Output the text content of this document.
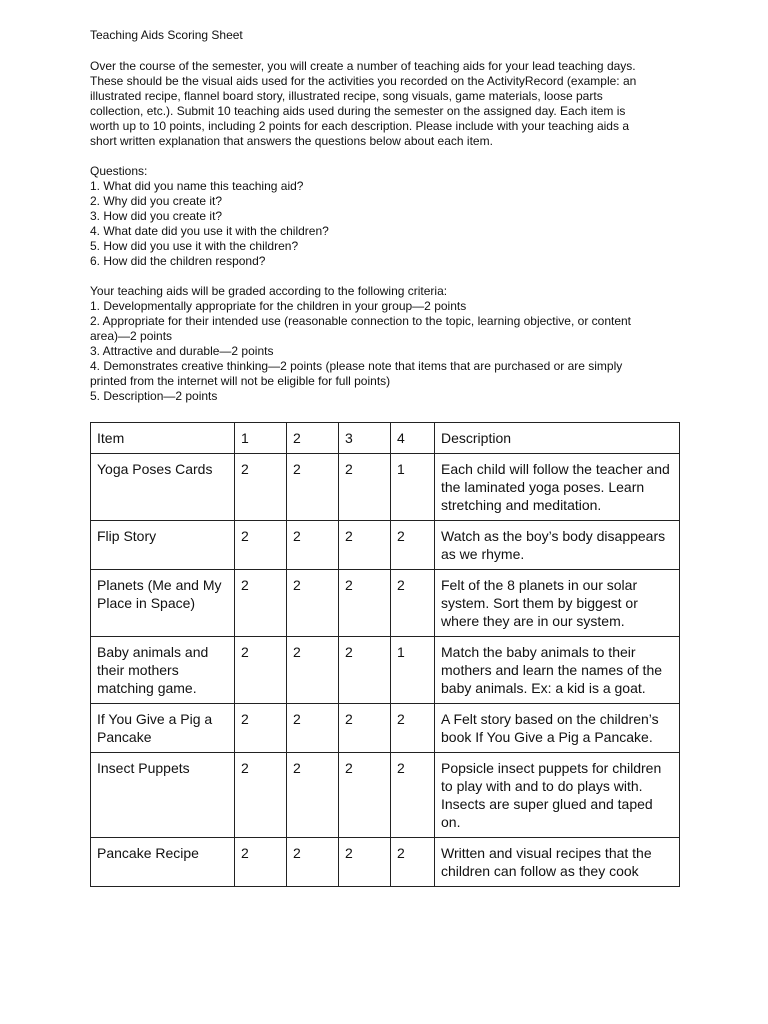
Teaching Aids Scoring Sheet
Over the course of the semester, you will create a number of teaching aids for your lead teaching days.
These should be the visual aids used for the activities you recorded on the ActivityRecord (example: an
illustrated recipe, flannel board story, illustrated recipe, song visuals, game materials, loose parts
collection, etc.). Submit 10 teaching aids used during the semester on the assigned day. Each item is
worth up to 10 points, including 2 points for each description. Please include with your teaching aids a
short written explanation that answers the questions below about each item.
Questions:
1. What did you name this teaching aid?
2. Why did you create it?
3. How did you create it?
4. What date did you use it with the children?
5. How did you use it with the children?
6. How did the children respond?
Your teaching aids will be graded according to the following criteria:
1. Developmentally appropriate for the children in your group—2 points
2. Appropriate for their intended use (reasonable connection to the topic, learning objective, or content
area)—2 points
3. Attractive and durable—2 points
4. Demonstrates creative thinking—2 points (please note that items that are purchased or are simply
printed from the internet will not be eligible for full points)
5. Description—2 points
Item	1	2	3	4	Description
Yoga Poses Cards	2	2	2	1	Each child will follow the teacher and the laminated yoga poses. Learn stretching and meditation.
Flip Story	2	2	2	2	Watch as the boy’s body disappears as we rhyme.
Planets (Me and My Place in Space)	2	2	2	2	Felt of the 8 planets in our solar system. Sort them by biggest or where they are in our system.
Baby animals and their mothers matching game.	2	2	2	1	Match the baby animals to their mothers and learn the names of the baby animals. Ex: a kid is a goat.
If You Give a Pig a Pancake	2	2	2	2	A Felt story based on the children’s book If You Give a Pig a Pancake.
Insect Puppets	2	2	2	2	Popsicle insect puppets for children to play with and to do plays with. Insects are super glued and taped on.
Pancake Recipe	2	2	2	2	Written and visual recipes that the children can follow as they cook
